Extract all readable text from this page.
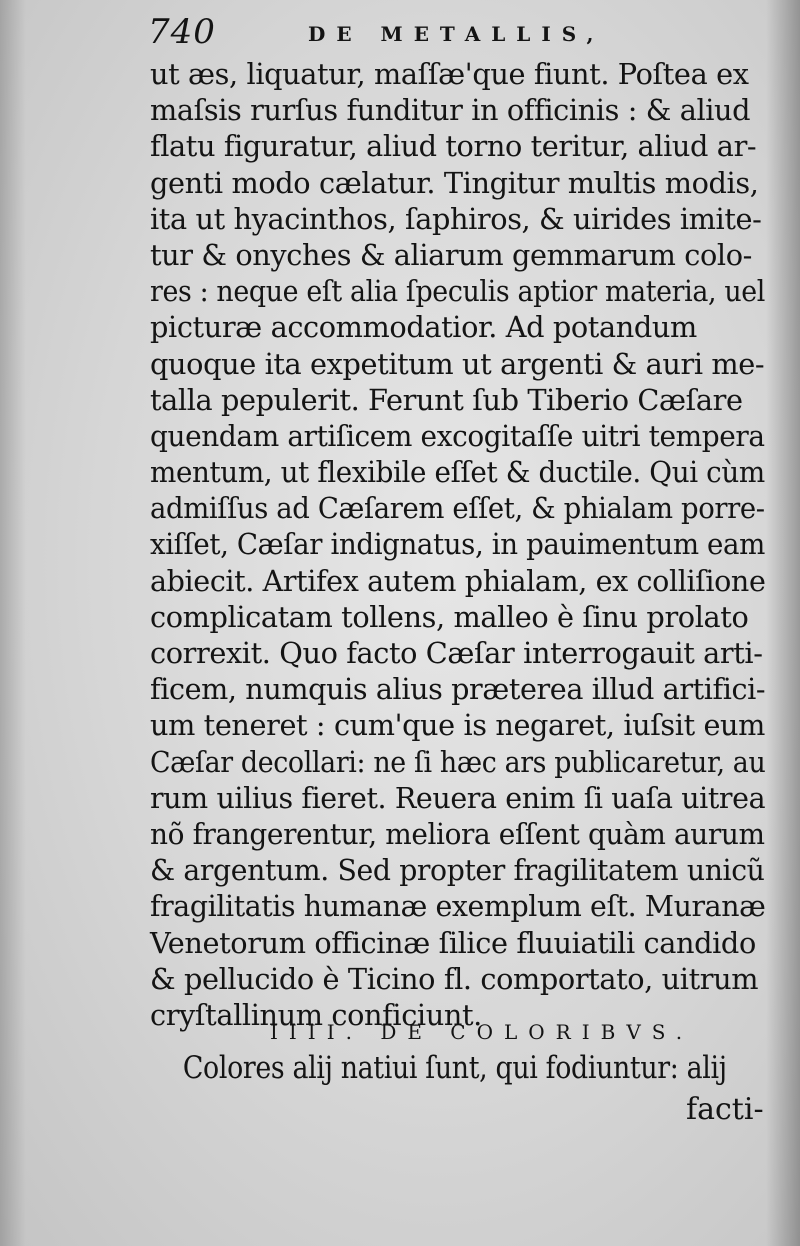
740	DE METALLIS,
ut æs, liquatur, maſſæ'que fiunt. Poſtea ex
maſsis rurſus funditur in officinis : & aliud
flatu figuratur, aliud torno teritur, aliud ar-
genti modo cælatur. Tingitur multis modis,
ita ut hyacinthos, ſaphiros, & uirides imite-
tur & onyches & aliarum gemmarum colo-
res : neque eſt alia ſpeculis aptior materia, uel
picturæ accommodatior. Ad potandum
quoque ita expetitum ut argenti & auri me-
talla pepulerit. Ferunt ſub Tiberio Cæſare
quendam artiſicem excogitaſſe uitri tempera
mentum, ut flexibile eſſet & ductile. Qui cùm
admiſſus ad Cæſarem eſſet, & phialam porre-
xiſſet, Cæſar indignatus, in pauimentum eam
abiecit. Artifex autem phialam, ex colliſione
complicatam tollens, malleo è ſinu prolato
correxit. Quo facto Cæſar interrogauit arti-
ficem, numquis alius præterea illud artifici-
um teneret : cum'que is negaret, iuſsit eum
Cæſar decollari: ne ſi hæc ars publicaretur, au
rum uilius fieret. Reuera enim ſi uaſa uitrea
nõ frangerentur, meliora eſſent quàm aurum
& argentum. Sed propter fragilitatem unicũ
fragilitatis humanæ exemplum eſt. Muranæ
Venetorum officinæ ſilice fluuiatili candido
& pellucido è Ticino fl. comportato, uitrum
cryſtallinum conficiunt.
IIII. DE COLORIBVS.
Colores alij natiui ſunt, qui fodiuntur: alij
facti-
